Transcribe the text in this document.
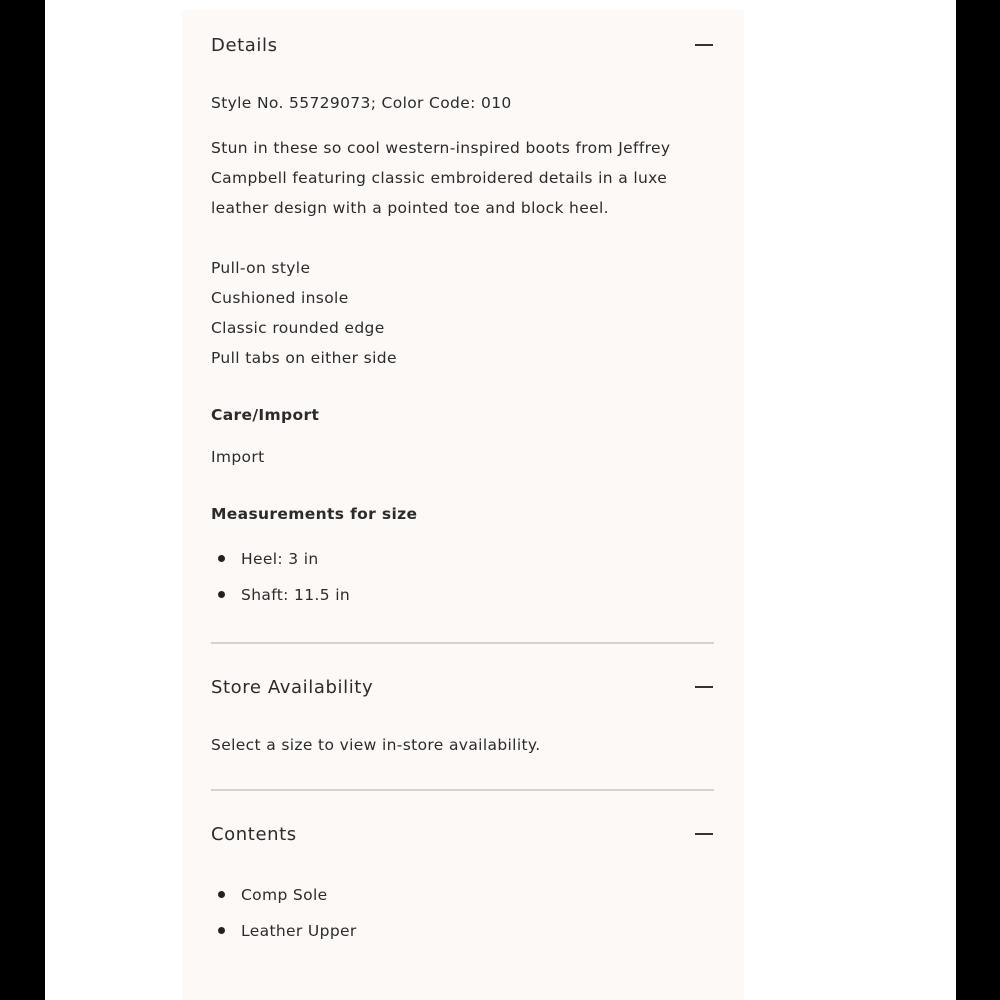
Details
Style No. 55729073; Color Code: 010
Stun in these so cool western-inspired boots from Jeffrey Campbell featuring classic embroidered details in a luxe leather design with a pointed toe and block heel.
Pull-on style
Cushioned insole
Classic rounded edge
Pull tabs on either side
Care/Import
Import
Measurements for size
Heel: 3 in
Shaft: 11.5 in
Store Availability
Select a size to view in-store availability.
Contents
Comp Sole
Leather Upper
